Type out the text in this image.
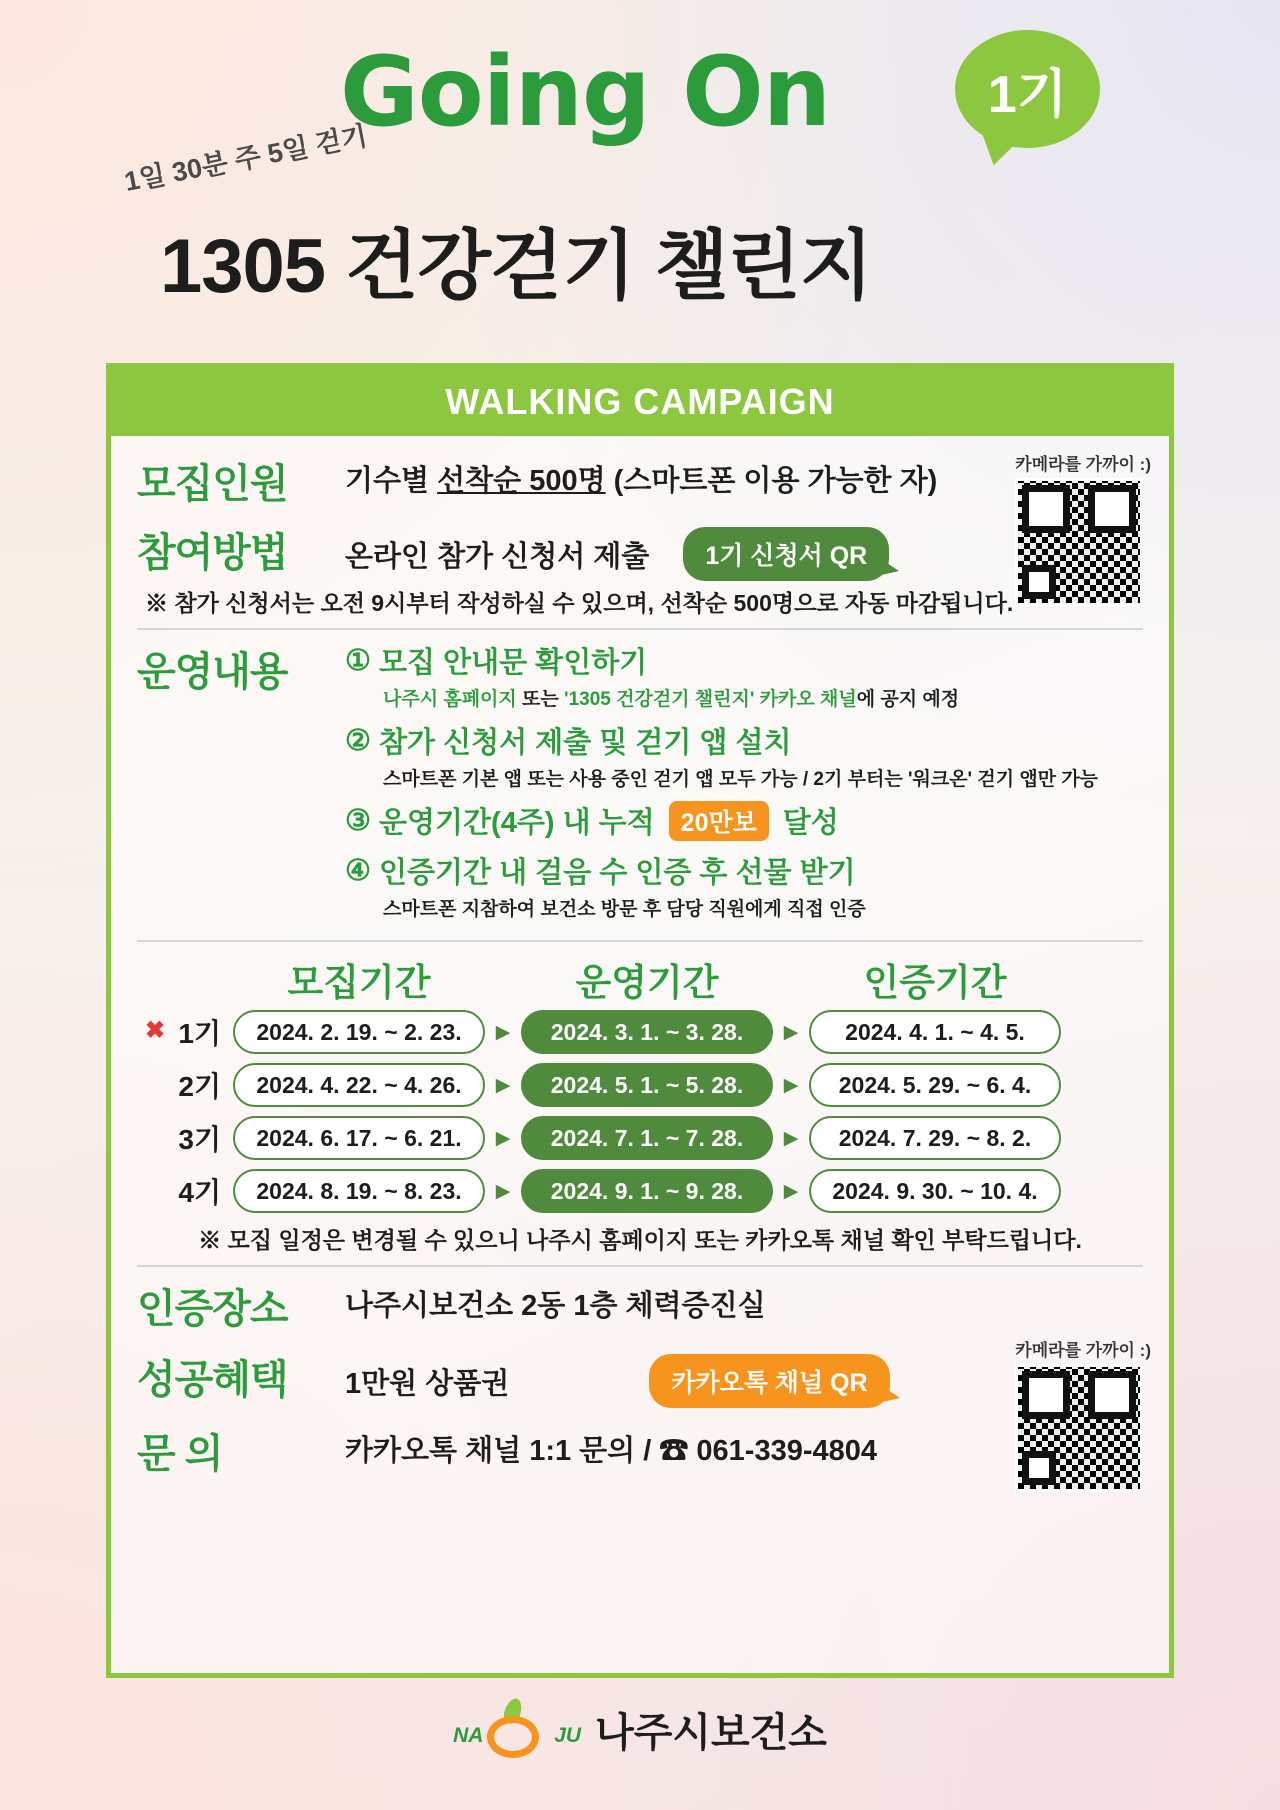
Going On	1기
1일 30분 주 5일 걷기
1305 건강걷기 챌린지
WALKING CAMPAIGN
카메라를 가까이 :)
모집인원	기수별 선착순 500명 (스마트폰 이용 가능한 자)
참여방법	온라인 참가 신청서 제출 1기 신청서 QR
※ 참가 신청서는 오전 9시부터 작성하실 수 있으며, 선착순 500명으로 자동 마감됩니다.
운영내용	① 모집 안내문 확인하기
나주시 홈페이지 또는 '1305 건강걷기 챌린지' 카카오 채널에 공지 예정
② 참가 신청서 제출 및 걷기 앱 설치
스마트폰 기본 앱 또는 사용 중인 걷기 앱 모두 가능 / 2기 부터는 '워크온' 걷기 앱만 가능
③ 운영기간(4주) 내 누적	20만보 달성
④ 인증기간 내 걸음 수 인증 후 선물 받기
스마트폰 지참하여 보건소 방문 후 담당 직원에게 직접 인증
모집기간	운영기간	인증기간
✖ 1기	2024. 2. 19. ~ 2. 23.	▶	2024. 3. 1. ~ 3. 28.	▶	2024. 4. 1. ~ 4. 5.
2기	2024. 4. 22. ~ 4. 26.	▶	2024. 5. 1. ~ 5. 28.	▶	2024. 5. 29. ~ 6. 4.
3기	2024. 6. 17. ~ 6. 21.	▶	2024. 7. 1. ~ 7. 28.	▶	2024. 7. 29. ~ 8. 2.
4기	2024. 8. 19. ~ 8. 23.	▶	2024. 9. 1. ~ 9. 28.	▶	2024. 9. 30. ~ 10. 4.
※ 모집 일정은 변경될 수 있으니 나주시 홈페이지 또는 카카오톡 채널 확인 부탁드립니다.
카메라를 가까이 :)
인증장소	나주시보건소 2동 1층 체력증진실
성공혜택	1만원 상품권	카카오톡 채널 QR
문 의	카카오톡 채널 1:1 문의 / ☎ 061-339-4804
NA	JU 나주시보건소
